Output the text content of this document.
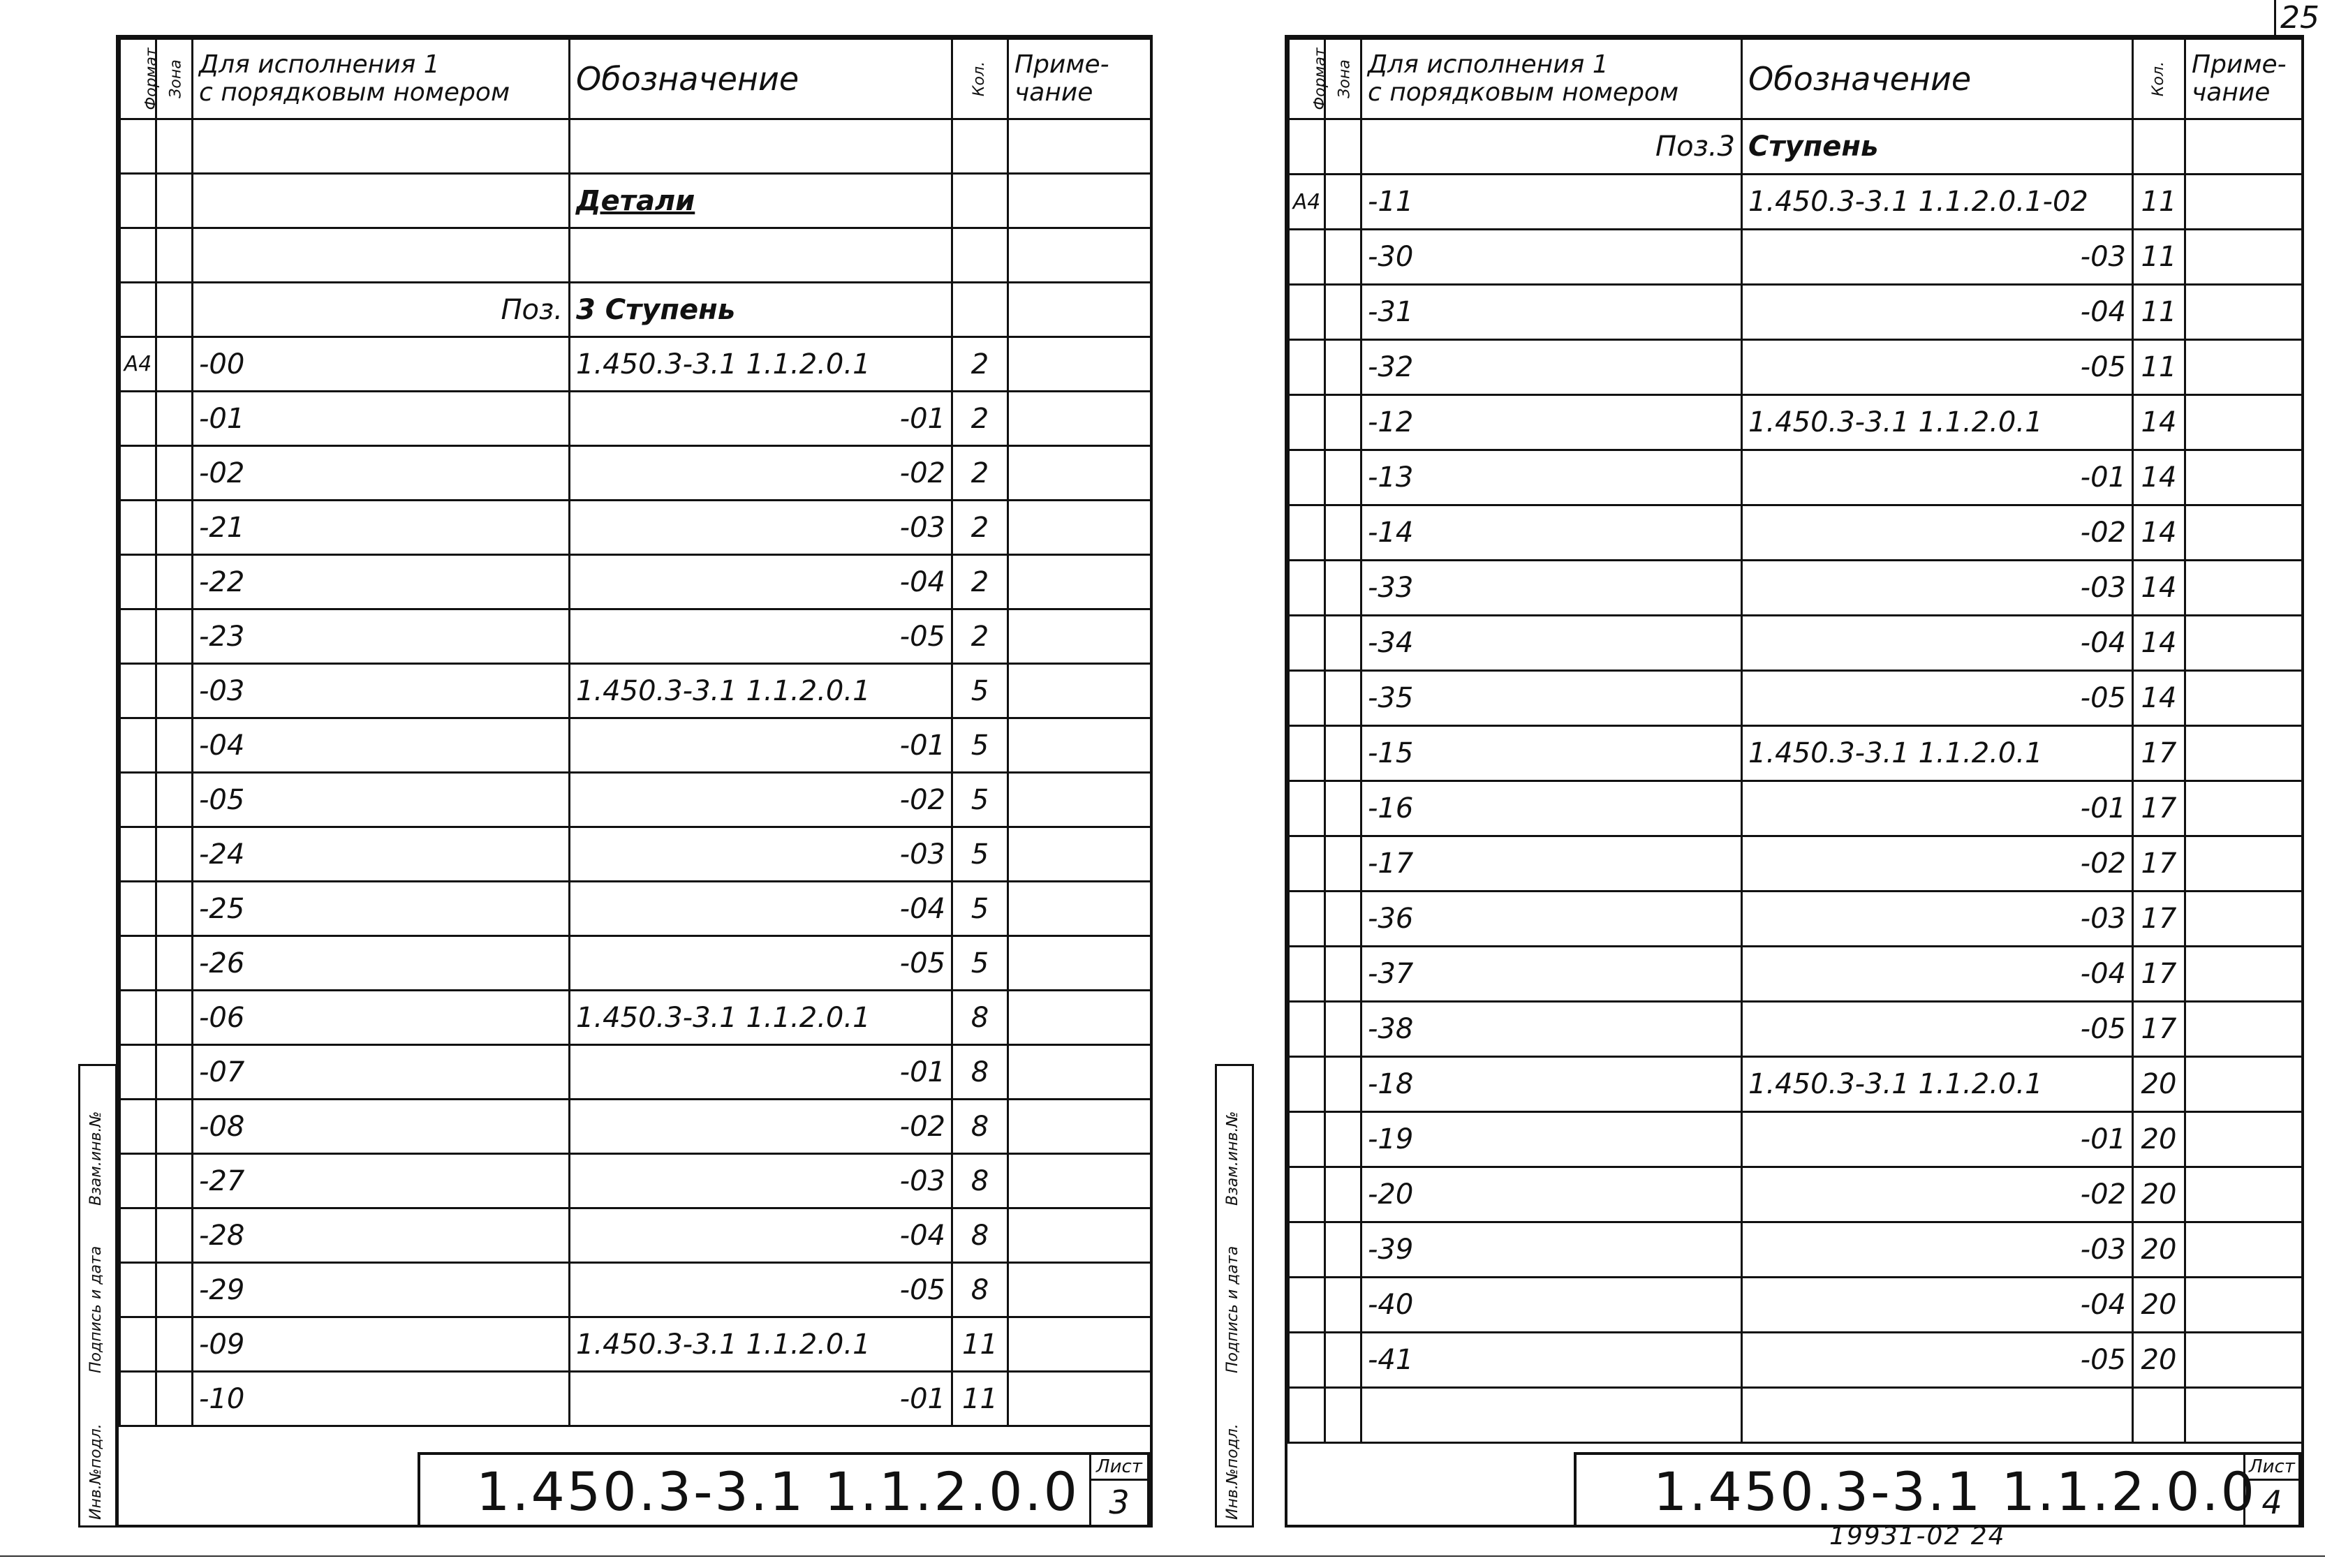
25
Формат	Зона	Для исполнения 1
с порядковым номером	Обозначение	Кол.	Приме-
чание

			Детали		

		Поз.	3 Ступень		
А4		-00	1.450.3-3.1 1.1.2.0.1	2	
		-01	-01	2	
		-02	-02	2	
		-21	-03	2	
		-22	-04	2	
		-23	-05	2	
		-03	1.450.3-3.1 1.1.2.0.1	5	
		-04	-01	5	
		-05	-02	5	
		-24	-03	5	
		-25	-04	5	
		-26	-05	5	
		-06	1.450.3-3.1 1.1.2.0.1	8	
		-07	-01	8	
		-08	-02	8	
		-27	-03	8	
		-28	-04	8	
		-29	-05	8	
		-09	1.450.3-3.1 1.1.2.0.1	11	
		-10	-01	11	
1.450.3-3.1 1.1.2.0.0 Лист
3
Взам.инв.№
Подпись и дата
Инв.№подл.
Формат	Зона	Для исполнения 1
с порядковым номером	Обозначение	Кол.	Приме-
чание
		Поз.3	Ступень		
А4		-11	1.450.3-3.1 1.1.2.0.1-02	11	
		-30	-03	11	
		-31	-04	11	
		-32	-05	11	
		-12	1.450.3-3.1 1.1.2.0.1	14	
		-13	-01	14	
		-14	-02	14	
		-33	-03	14	
		-34	-04	14	
		-35	-05	14	
		-15	1.450.3-3.1 1.1.2.0.1	17	
		-16	-01	17	
		-17	-02	17	
		-36	-03	17	
		-37	-04	17	
		-38	-05	17	
		-18	1.450.3-3.1 1.1.2.0.1	20	
		-19	-01	20	
		-20	-02	20	
		-39	-03	20	
		-40	-04	20	
		-41	-05	20	

1.450.3-3.1 1.1.2.0.0
Лист
4
Взам.инв.№
Подпись и дата
Инв.№подл.
19931-02 24
